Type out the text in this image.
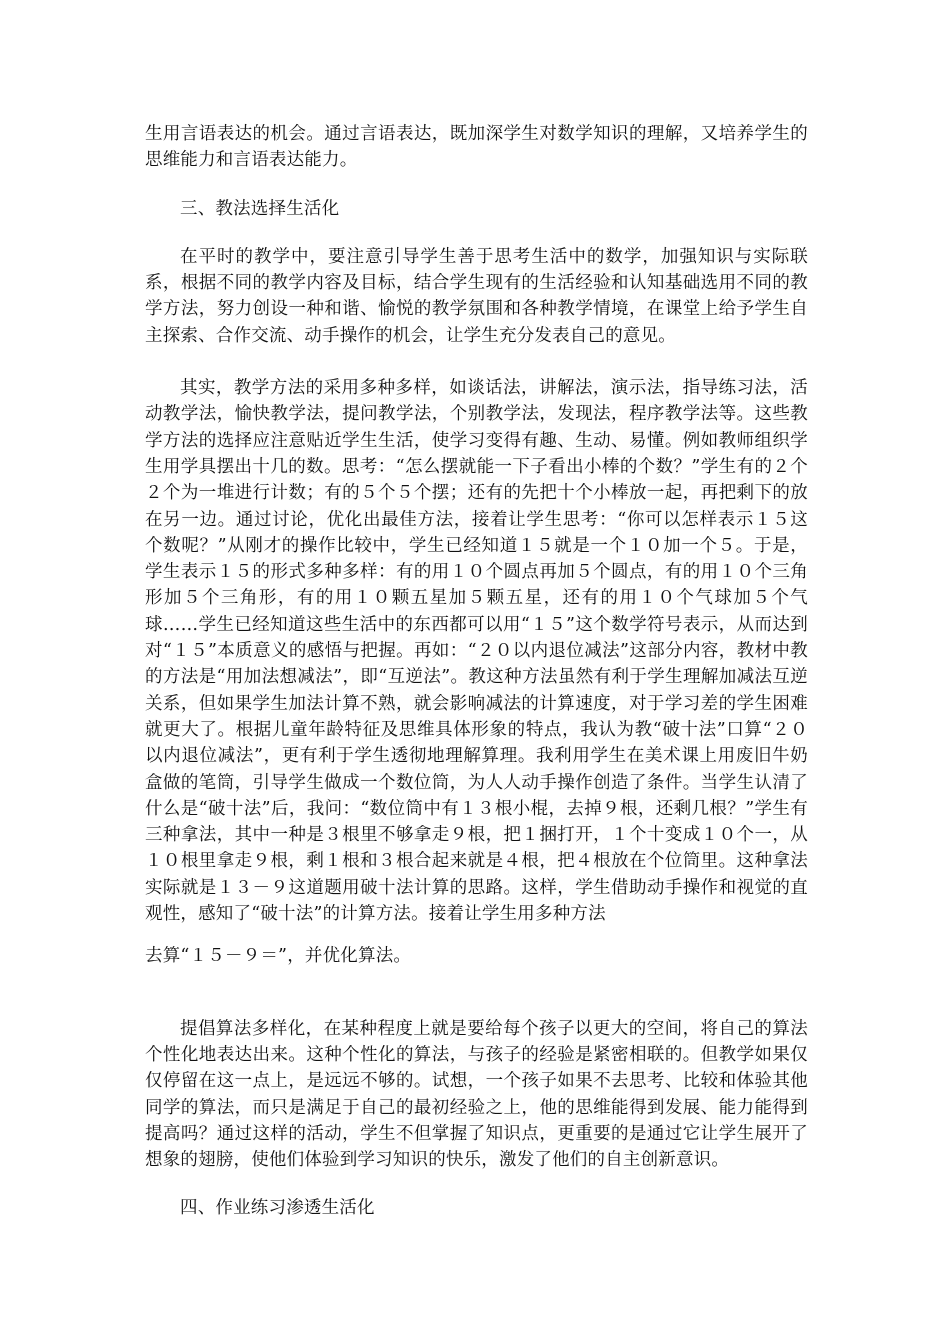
生用言语表达的机会。通过言语表达，既加深学生对数学知识的理解，又培养学生的思维能力和言语表达能力。

三、教法选择生活化

在平时的教学中，要注意引导学生善于思考生活中的数学，加强知识与实际联系，根据不同的教学内容及目标，结合学生现有的生活经验和认知基础选用不同的教学方法，努力创设一种和谐、愉悦的教学氛围和各种教学情境，在课堂上给予学生自主探索、合作交流、动手操作的机会，让学生充分发表自己的意见。

其实，教学方法的采用多种多样，如谈话法，讲解法，演示法，指导练习法，活动教学法，愉快教学法，提问教学法，个别教学法，发现法，程序教学法等。这些教学方法的选择应注意贴近学生生活，使学习变得有趣、生动、易懂。例如教师组织学生用学具摆出十几的数。思考：“怎么摆就能一下子看出小棒的个数？”学生有的２个２个为一堆进行计数；有的５个５个摆；还有的先把十个小棒放一起，再把剩下的放在另一边。通过讨论，优化出最佳方法，接着让学生思考：“你可以怎样表示１５这个数呢？”从刚才的操作比较中，学生已经知道１５就是一个１０加一个５。于是，学生表示１５的形式多种多样：有的用１０个圆点再加５个圆点，有的用１０个三角形加５个三角形，有的用１０颗五星加５颗五星，还有的用１０个气球加５个气球……学生已经知道这些生活中的东西都可以用“１５”这个数学符号表示，从而达到对“１５”本质意义的感悟与把握。再如：“２０以内退位减法”这部分内容，教材中教的方法是“用加法想减法”，即“互逆法”。教这种方法虽然有利于学生理解加减法互逆关系，但如果学生加法计算不熟，就会影响减法的计算速度，对于学习差的学生困难就更大了。根据儿童年龄特征及思维具体形象的特点，我认为教“破十法”口算“２０以内退位减法”，更有利于学生透彻地理解算理。我利用学生在美术课上用废旧牛奶盒做的笔筒，引导学生做成一个数位筒，为人人动手操作创造了条件。当学生认清了什么是“破十法”后，我问：“数位筒中有１３根小棍，去掉９根，还剩几根？”学生有三种拿法，其中一种是３根里不够拿走９根，把１捆打开，１个十变成１０个一，从１０根里拿走９根，剩１根和３根合起来就是４根，把４根放在个位筒里。这种拿法实际就是１３－９这道题用破十法计算的思路。这样，学生借助动手操作和视觉的直观性，感知了“破十法”的计算方法。接着让学生用多种方法

去算“１５－９＝”，并优化算法。

提倡算法多样化，在某种程度上就是要给每个孩子以更大的空间，将自己的算法个性化地表达出来。这种个性化的算法，与孩子的经验是紧密相联的。但教学如果仅仅停留在这一点上，是远远不够的。试想，一个孩子如果不去思考、比较和体验其他同学的算法，而只是满足于自己的最初经验之上，他的思维能得到发展、能力能得到提高吗？通过这样的活动，学生不但掌握了知识点，更重要的是通过它让学生展开了想象的翅膀，使他们体验到学习知识的快乐，激发了他们的自主创新意识。

四、作业练习渗透生活化
